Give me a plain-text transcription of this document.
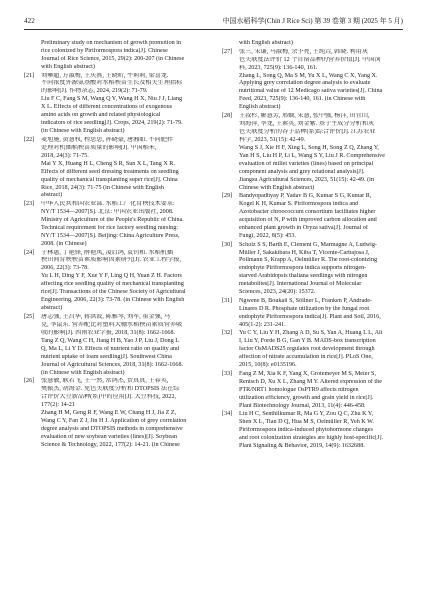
422	中国水稻科学(Chin J Rice Sci) 第 39 卷第 3 期 (2025 年 5 月)
Preliminary study on mechanism of growth promotion in
rice colonized by Piriformospora indica[J]. Chinese
Journal of Rice Science, 2015, 29(2): 200-207 (in Chinese
with English abstract)
[21] 刘攀超, 方淑梅, 王庆燕, 王晓昕, 牛莉莉, 梁喜龙.
不同浓度外源氨基酸对水稻秧苗生长及相关生理指标
的影响[J]. 作物杂志, 2024, 219(2): 71-79.
Liu F C, Fang S M, Wang Q Y, Wang H X, Niu J J, Liang
X L. Effects of different concentrations of exogenous
amino acids on growth and related physiological
indicators of rice seedling[J]. Crops, 2024, 219(2): 71-79.
(in Chinese with English abstract)
[22] 麦旭施, 黄慧权, 程思思, 孙晓豪, 唐湘如. 不同肥拌
处理对机插稻秧苗质量的影响[J]. 中国稻米,
2018, 24(3): 71-75.
Mai Y X, Huang H L, Cheng S R, Sun X L, Tang X R.
Effects of different seed dressing treatments on seedling
quality of mechanical transplanting super rice[J]. China
Rice, 2018, 24(3): 71-75 (in Chinese with English
abstract)
[23] 中华人民共和国农业部. 水稻工厂化育秧技术要求:
NY/T 1534—2007[S]. 北京: 中国农业出版社, 2008.
Ministry of Agriculture of the People's Republic of China.
Technical requirement for rice factory seedling nursing:
NY/T 1534—2007[S]. Beijing: China Agriculture Press,
2008. (in Chinese)
[24] 于林惠, 丁艳锋, 薛艳凤, 凌启鸿, 袁钊和. 水稻机插
秧田间育秧秧苗素质影响因素研究[J]. 农业工程学报,
2006, 22(3): 73-78.
Yu L H, Ding Y F, Xue Y F, Ling Q H, Yuan Z H. Factors
affecting rice seedling quality of mechanical transplanting
rice[J]. Transactions of the Chinese Society of Agricultural
Engineering, 2006, 22(3): 73-78. (in Chinese with English
abstract)
[25] 唐志强, 王昌华, 蒋洪波, 陈雅琴, 刘军, 董金强, 马
克, 李鼠东. 营养配比对塑料大棚水稻秧苗素质营养吸
收的影响[J]. 西南农业学报, 2018, 31(8): 1662-1668.
Tang Z Q, Wang C H, Jiang H B, Yao J P, Liu J, Dong L
Q, Ma L, Li Y D. Effects of nutrient ratio on quality and
nutrient uptake of loam seedling[J]. Southwest China
Journal of Agricultural Sciences, 2018, 31(8): 1662-1668.
(in Chinese with English abstract)
[26] 张慧敏, 耿若飞, 王一然, 常鸿杰, 贾真真, 王春英,
樊振杰, 胡海金. 免色关联度分析和 DTOPSIS 法在综
合评价大豆新品种(系)中的应用[J]. 大豆科技, 2022,
177(2): 14-21
Zhang H M, Geng R F, Wang E W, Chang H J, Jia Z Z,
Wang C Y, Fan Z J, Jin H J. Application of grey correlation
degree analysis and DTOPSIS methods in comprehensive
evaluation of new soybean varieties (lines)[J]. Soybean
Science & Technology, 2022, 177(2): 14-21. (in Chinese
with English abstract)
[27] 张三, 宋谦, 马淑梅, 余予亮, 王纯垚, 韩晓. 利用灰
色关联度法评价 12 个苜蓿品种的营养价值[J]. 中国饲
料, 2023, 725(9): 136-140, 161.
Zhang L, Song Q, Ma S M, Yu X L, Wang C X, Yang X.
Applying grey correlation degree analysis to evaluate
nutritional value of 12 Medicago sativa varieties[J]. China
Feed, 2023, 725(9): 136-140, 161. (in Chinese with
English abstract)
[28] 王叔杉, 解慧芳, 邢嫡, 宋慧, 张中强, 杨洋, 田宜山,
刘海萍, 李龙, 王素英, 刘金紫. 基于主成分分析和灰
色关联度分析的谷子品种(系)综合评价[J]. 江苏农业
科学, 2023, 51(15): 42-49.
Wang S J, Xie H F, Xing L, Song H, Song Z Q, Zhang Y,
Yan H S, Liu H P, Li L, Wang S Y, Liu J R. Comprehensive
evaluation of millet varieties (lines) based on principal
component analysis and grey relational analysis[J].
Jiangsu Agricultural Sciences, 2023, 51(15): 42-49. (in
Chinese with English abstract)
[29] Bandyopadhyay P, Yadav B G, Kumar S G, Kumar R,
Kogel K H, Kumar S. Piriformospora indica and
Azotobacter chroococcum consortium facilitates higher
acquisition of N, P with improved carbon allocation and
enhanced plant growth in Oryza sativa[J]. Journal of
Fungi, 2022, 8(5): 453.
[30] Scholz S S, Barth E, Clément G, Marmagne A, Ludwig-
Müller J, Sakakibara H, Kiba T, Vicente-Carbajosa J,
Pollmann S, Krapp A, Oelmüller R. The root-colonizing
endophyte Piriformospora indica supports nitrogen-
starved Arabidopsis thaliana seedlings with nitrogen
metabolites[J]. International Journal of Molecular
Sciences, 2023, 24(20): 15372.
[31] Ngwene B, Boukail S, Söllner L, Franken P, Andrade-
Linares D R. Phosphate utilization by the fungal root
endophyte Piriformospora indica[J]. Plant and Soil, 2016,
405(1-2): 231-241.
[32] Yu C Y, Liu Y H, Zhang A D, Su S, Yan A, Huang L L, Ali
I, Liu Y, Forde B G, Gan Y B. MADS-box transcription
factor OsMADS25 regulates root development through
affection of nitrate accumulation in rice[J]. PLoS One,
2015, 10(8): e0135196.
[33] Fang Z M, Xia K F, Yang X, Grotemeyer M S, Meier S,
Rentsch D, Xu X L, Zhang M Y. Altered expression of the
PTR/NRT1 homologue OsPTR9 affects nitrogen
utilization efficiency, growth and grain yield in rice[J].
Plant Biotechnology Journal, 2013, 11(4): 446-458.
[34] Liu H C, Senthilkumar R, Ma G Y, Zou Q C, Zhu K Y,
Shen X L, Tian D Q, Hua M S, Oelmüller R, Yeh K W.
Piriformospora indica-induced phytohormone changes
and root colonization strategies are highly host-specific[J].
Plant Signaling & Behavior, 2019, 14(9): 1632688.
